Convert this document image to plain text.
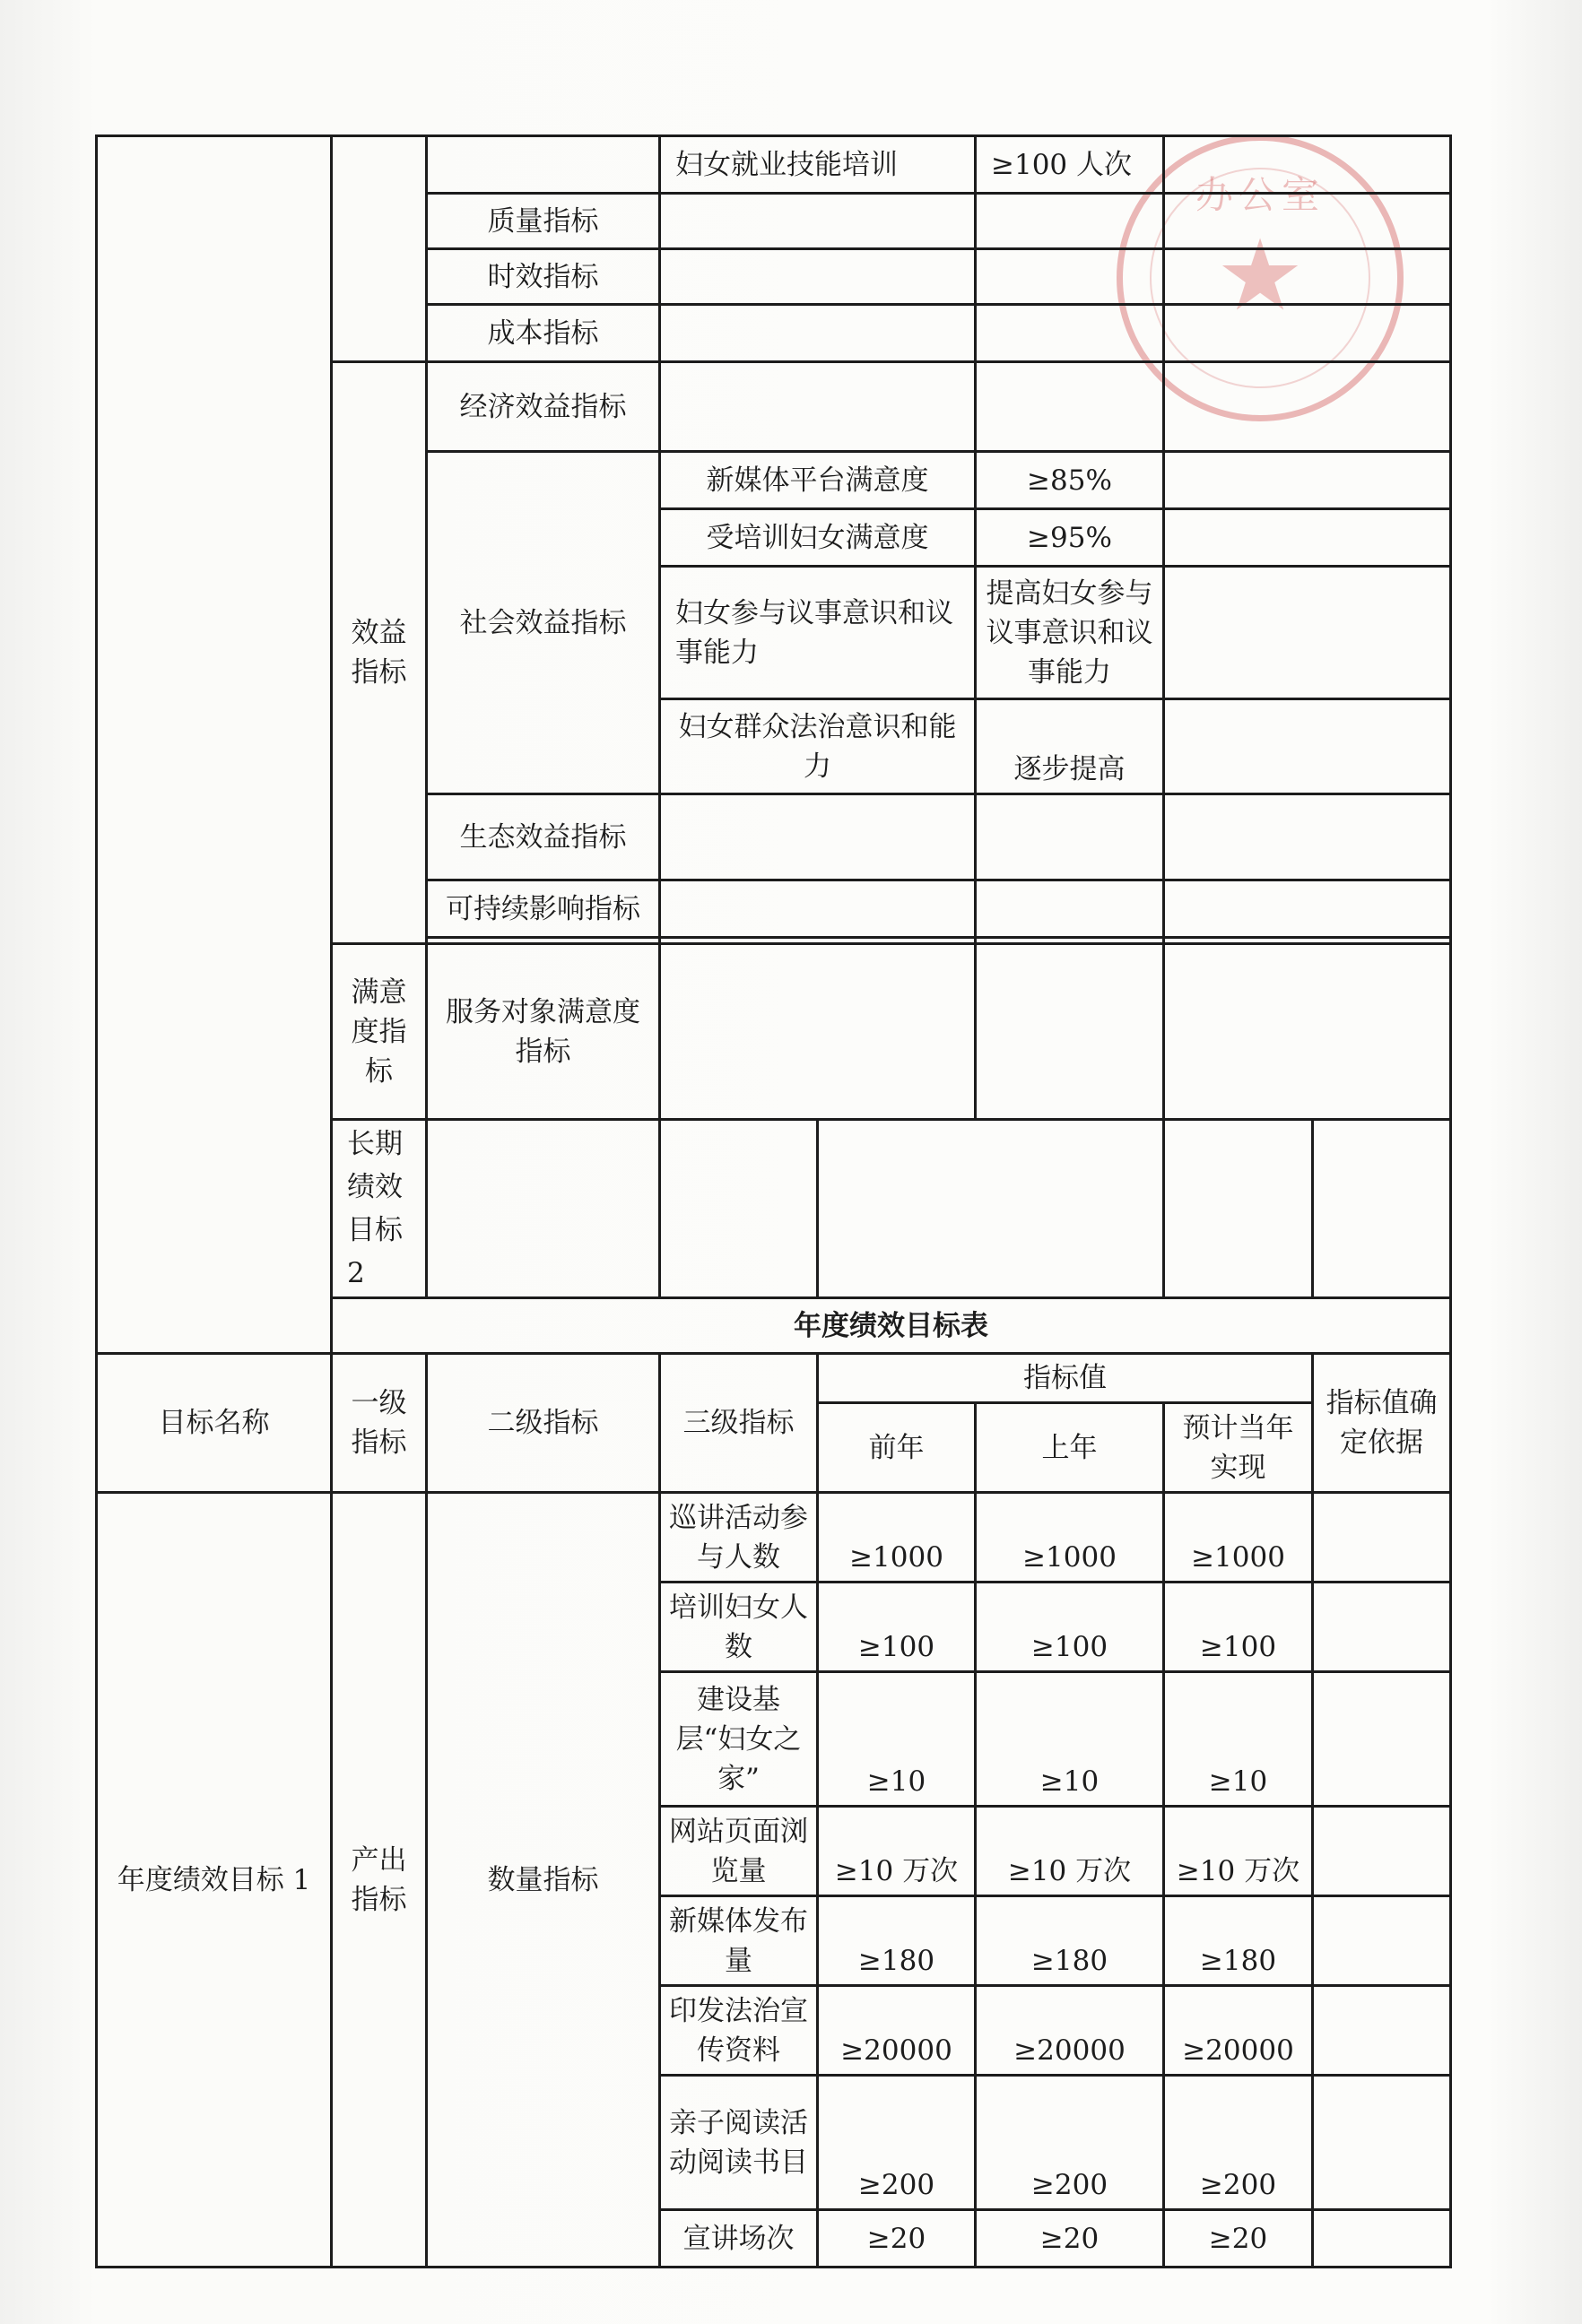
办公室
★
			妇女就业技能培训		≥100 人次		
		质量指标					
		时效指标					
		成本指标					
	效益指标	经济效益指标					
		社会效益指标	新媒体平台满意度		≥85%		
			受培训妇女满意度		≥95%		
			妇女参与议事意识和议事能力		提高妇女参与议事意识和议事能力		
			妇女群众法治意识和能力		逐步提高		
		生态效益指标					
		可持续影响指标					

	满意度指标	服务对象满意度指标					
	长期绩效目标 2						
	年度绩效目标表						
目标名称	一级指标	二级指标	三级指标	指标值			指标值确定依据
				前年	上年	预计当年实现	
年度绩效目标 1	产出指标	数量指标	巡讲活动参与人数	≥1000	≥1000	≥1000	
			培训妇女人数	≥100	≥100	≥100	
			建设基层“妇女之家”	≥10	≥10	≥10	
			网站页面浏览量	≥10 万次	≥10 万次	≥10 万次	
			新媒体发布量	≥180	≥180	≥180	
			印发法治宣传资料	≥20000	≥20000	≥20000	
			亲子阅读活动阅读书目	≥200	≥200	≥200	
			宣讲场次	≥20	≥20	≥20	
